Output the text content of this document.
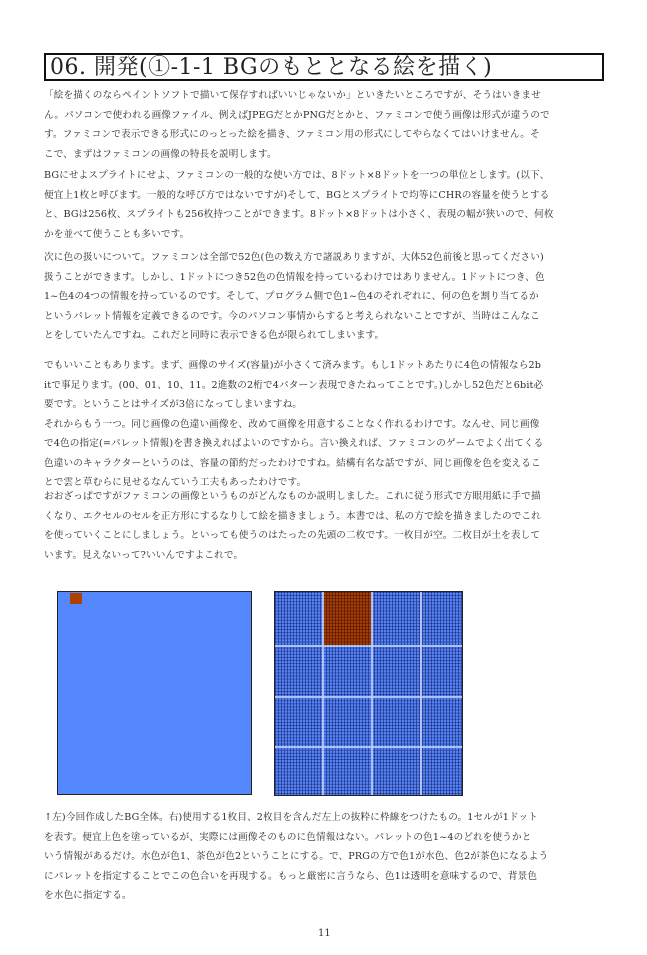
06. 開発(①-1-1 BGのもととなる絵を描く)
「絵を描くのならペイントソフトで描いて保存すればいいじゃないか」といきたいところですが、そうはいきませ
ん。パソコンで使われる画像ファイル、例えばJPEGだとかPNGだとかと、ファミコンで使う画像は形式が違うので
す。ファミコンで表示できる形式にのっとった絵を描き、ファミコン用の形式にしてやらなくてはいけません。そ
こで、まずはファミコンの画像の特長を説明します。
BGにせよスプライトにせよ、ファミコンの一般的な使い方では、8ドット×8ドットを一つの単位とします。(以下、
便宜上1枚と呼びます。一般的な呼び方ではないですが)そして、BGとスプライトで均等にCHRの容量を使うとする
と、BGは256枚、スプライトも256枚持つことができます。8ドット×8ドットは小さく、表現の幅が狭いので、何枚
かを並べて使うことも多いです。
次に色の扱いについて。ファミコンは全部で52色(色の数え方で諸説ありますが、大体52色前後と思ってください)
扱うことができます。しかし、1ドットにつき52色の色情報を持っているわけではありません。1ドットにつき、色
1~色4の4つの情報を持っているのです。そして、プログラム側で色1~色4のそれぞれに、何の色を割り当てるか
というパレット情報を定義できるのです。今のパソコン事情からすると考えられないことですが、当時はこんなこ
とをしていたんですね。これだと同時に表示できる色が限られてしまいます。
でもいいこともあります。まず、画像のサイズ(容量)が小さくて済みます。もし1ドットあたりに4色の情報なら2b
itで事足ります。(00、01、10、11。2進数の2桁で4パターン表現できたねってことです。)しかし52色だと6bit必
要です。ということはサイズが3倍になってしまいますね。
それからもう一つ。同じ画像の色違い画像を、改めて画像を用意することなく作れるわけです。なんせ、同じ画像
で4色の指定(=パレット情報)を書き換えればよいのですから。言い換えれば、ファミコンのゲームでよく出てくる
色違いのキャラクターというのは、容量の節約だったわけですね。結構有名な話ですが、同じ画像を色を変えるこ
とで雲と草むらに見せるなんていう工夫もあったわけです。
おおざっぱですがファミコンの画像というものがどんなものか説明しました。これに従う形式で方眼用紙に手で描
くなり、エクセルのセルを正方形にするなりして絵を描きましょう。本書では、私の方で絵を描きましたのでこれ
を使っていくことにしましょう。といっても使うのはたったの先頭の二枚です。一枚目が空。二枚目が土を表して
います。見えないって?いいんですよこれで。
↑左)今回作成したBG全体。右)使用する1枚目、2枚目を含んだ左上の抜粋に枠線をつけたもの。1セルが1ドット
を表す。便宜上色を塗っているが、実際には画像そのものに色情報はない。パレットの色1~4のどれを使うかと
いう情報があるだけ。水色が色1、茶色が色2ということにする。で、PRGの方で色1が水色、色2が茶色になるよう
にパレットを指定することでこの色合いを再現する。もっと厳密に言うなら、色1は透明を意味するので、背景色
を水色に指定する。
11
